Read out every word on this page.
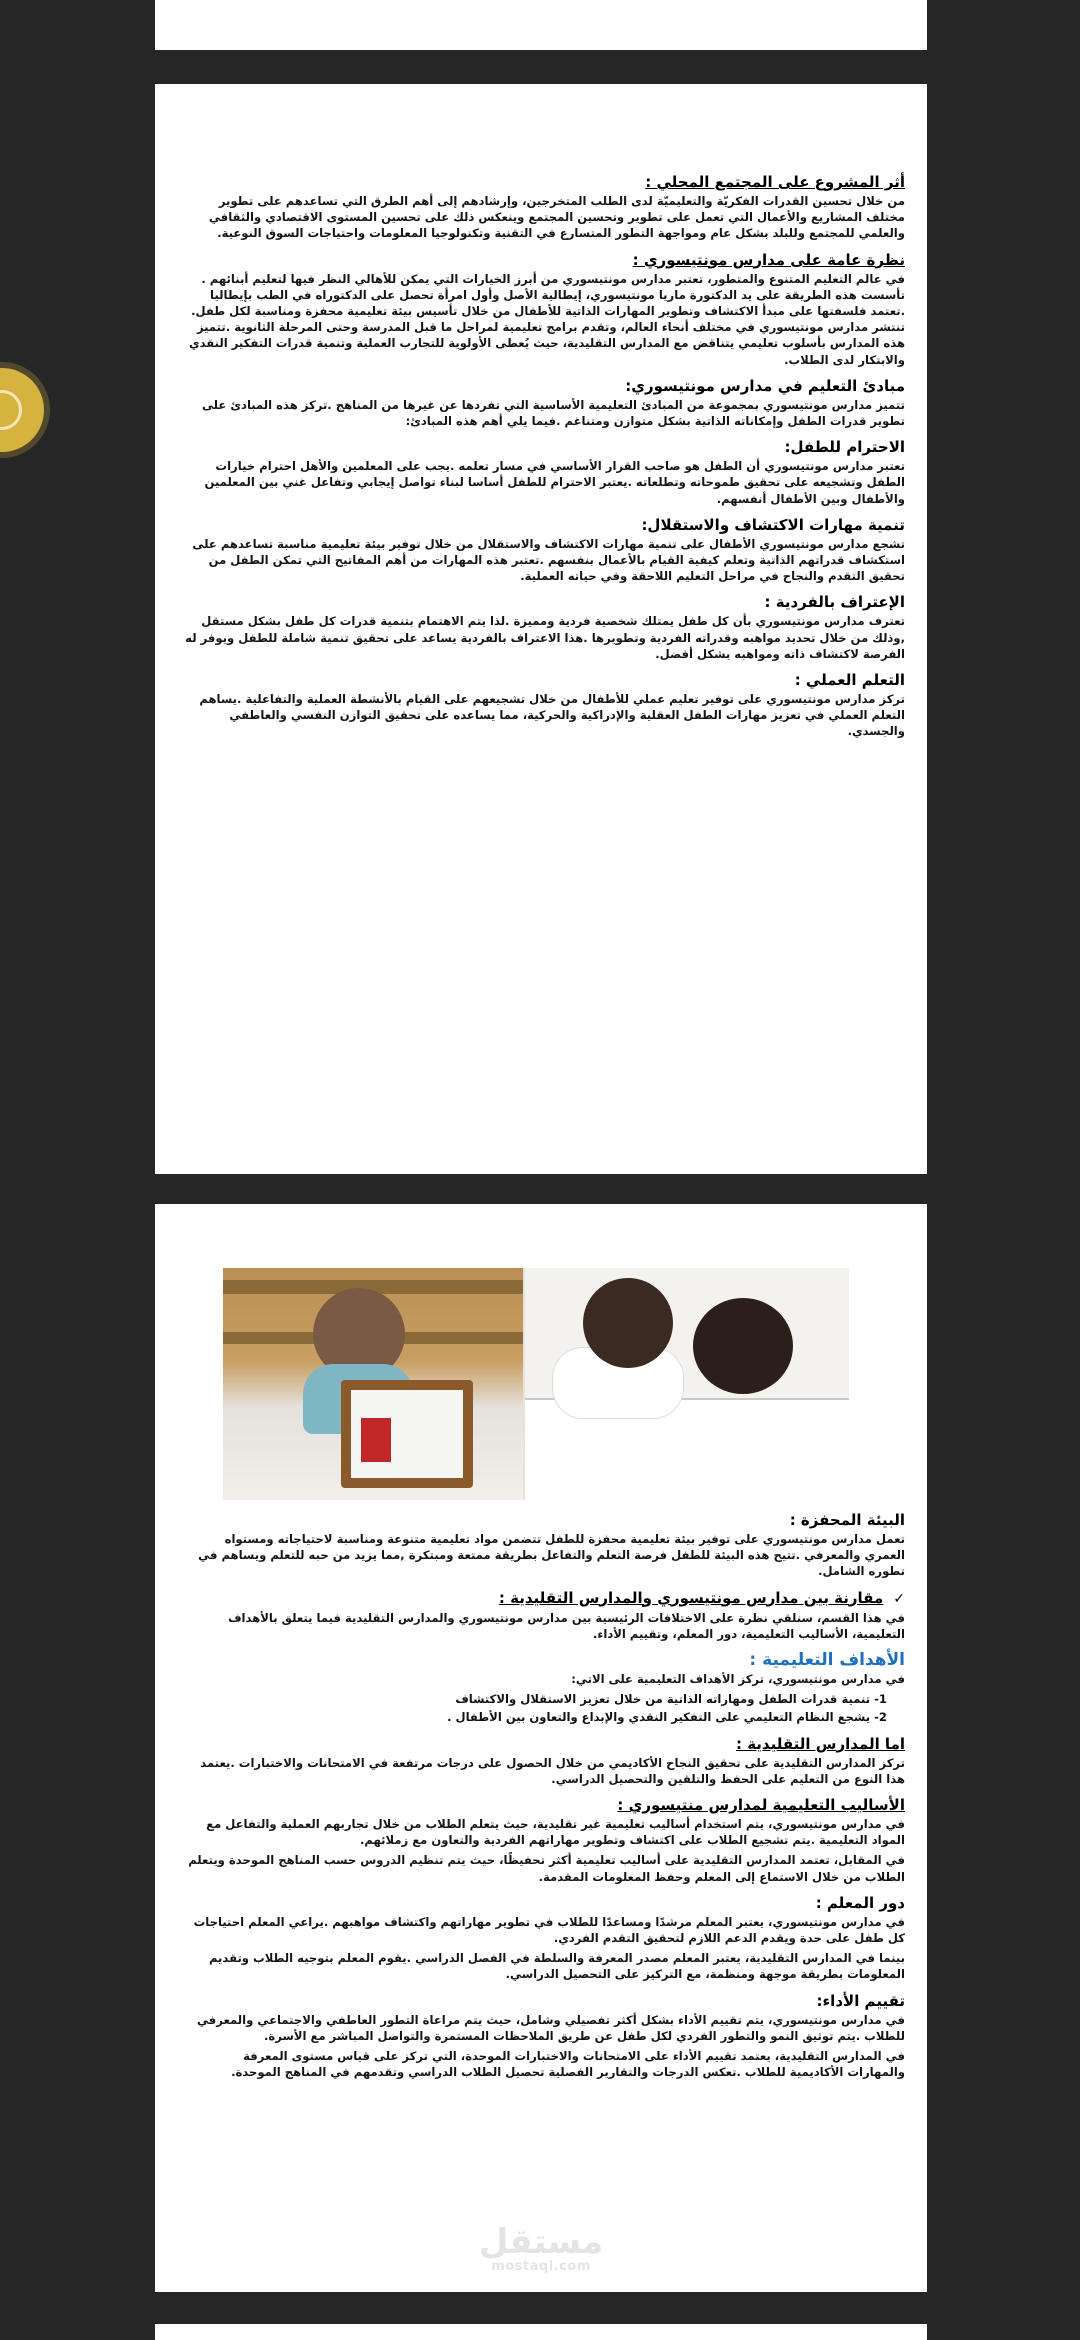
أثر المشروع على المجتمع المحلي :
من خلال تحسين القدرات الفكريّة والتعليميّة لدى الطلب المتخرجين، وإرشادهم إلى أهم الطرق التي تساعدهم على تطوير مختلف المشاريع والأعمال التي تعمل على تطوير وتحسين المجتمع وينعكس ذلك على تحسين المستوى الاقتصادي والثقافي والعلمي للمجتمع وللبلد بشكل عام ومواجهة التطور المتسارع في التقنية وتكنولوجيا المعلومات واحتياجات السوق النوعية.
نظرة عامة على مدارس مونتيسوري :
في عالم التعليم المتنوع والمتطور، تعتبر مدارس مونتيسوري من أبرز الخيارات التي يمكن للأهالي النظر فيها لتعليم أبنائهم . تأسست هذه الطريقة على يد الدكتورة ماريا مونتيسوري، إيطالية الأصل وأول امرأة تحصل على الدكتوراه في الطب بإيطاليا .تعتمد فلسفتها على مبدأ الاكتشاف وتطوير المهارات الذاتية للأطفال من خلال تأسيس بيئة تعليمية محفزة ومناسبة لكل طفل. تنتشر مدارس مونتيسوري في مختلف أنحاء العالم، وتقدم برامج تعليمية لمراحل ما قبل المدرسة وحتى المرحلة الثانوية .تتميز هذه المدارس بأسلوب تعليمي يتناقض مع المدارس التقليدية، حيث يُعطى الأولوية للتجارب العملية وتنمية قدرات التفكير النقدي والابتكار لدى الطلاب.
مبادئ التعليم في مدارس مونتيسوري:
تتميز مدارس مونتيسوري بمجموعة من المبادئ التعليمية الأساسية التي تفردها عن غيرها من المناهج .تركز هذه المبادئ على تطوير قدرات الطفل وإمكاناته الذاتية بشكل متوازن ومتناغم .فيما يلي أهم هذه المبادئ:
الاحترام للطفل:
تعتبر مدارس مونتيسوري أن الطفل هو صاحب القرار الأساسي في مسار تعلمه .يجب على المعلمين والأهل احترام خيارات الطفل وتشجيعه على تحقيق طموحاته وتطلعاته .يعتبر الاحترام للطفل أساسا لبناء تواصل إيجابي وتفاعل غني بين المعلمين والأطفال وبين الأطفال أنفسهم.
تنمية مهارات الاكتشاف والاستقلال:
تشجع مدارس مونتيسوري الأطفال على تنمية مهارات الاكتشاف والاستقلال من خلال توفير بيئة تعليمية مناسبة تساعدهم على استكشاف قدراتهم الذاتية وتعلم كيفية القيام بالأعمال بنفسهم .تعتبر هذه المهارات من أهم المفاتيح التي تمكن الطفل من تحقيق التقدم والنجاح في مراحل التعليم اللاحقة وفي حياته العملية.
الإعتراف بالفردية :
تعترف مدارس مونتيسوري بأن كل طفل يمتلك شخصية فردية ومميزة .لذا يتم الاهتمام بتنمية قدرات كل طفل بشكل مستقل ,وذلك من خلال تحديد مواهبه وقدراته الفردية وتطويرها .هذا الاعتراف بالفردية يساعد على تحقيق تنمية شاملة للطفل ويوفر له الفرصة لاكتشاف ذاته ومواهبه بشكل أفضل.
التعلم العملي :
تركز مدارس مونتيسوري على توفير تعليم عملي للأطفال من خلال تشجيعهم على القيام بالأنشطة العملية والتفاعلية .يساهم التعلم العملي في تعزيز مهارات الطفل العقلية والإدراكية والحركية، مما يساعده على تحقيق التوازن النفسي والعاطفي والجسدي.
البيئة المحفزة :
تعمل مدارس مونتيسوري على توفير بيئة تعليمية محفزة للطفل تتضمن مواد تعليمية متنوعة ومناسبة لاحتياجاته ومستواه العمري والمعرفي .تتيح هذه البيئة للطفل فرصة التعلم والتفاعل بطريقة ممتعة ومبتكرة ,مما يزيد من حبه للتعلم ويساهم في تطوره الشامل.
✓ مقارنة بين مدارس مونتيسوري والمدارس التقليدية :
في هذا القسم، سنلقي نظرة على الاختلافات الرئيسية بين مدارس مونتيسوري والمدارس التقليدية فيما يتعلق بالأهداف التعليمية، الأساليب التعليمية، دور المعلم، وتقييم الأداء.
الأهداف التعليمية :
في مدارس مونتيسوري، تركز الأهداف التعليمية على الاتي:
1- تنمية قدرات الطفل ومهاراته الذاتية من خلال تعزيز الاستقلال والاكتشاف
2- يشجع النظام التعليمي على التفكير النقدي والإبداع والتعاون بين الأطفال .
اما المدارس التقليدية :
تركز المدارس التقليدية على تحقيق النجاح الأكاديمي من خلال الحصول على درجات مرتفعة في الامتحانات والاختبارات .يعتمد هذا النوع من التعليم على الحفظ والتلقين والتحصيل الدراسي.
الأساليب التعليمية لمدارس منتيسوري :
في مدارس مونتيسوري، يتم استخدام أساليب تعليمية غير تقليدية، حيث يتعلم الطلاب من خلال تجاربهم العملية والتفاعل مع المواد التعليمية .يتم تشجيع الطلاب على اكتشاف وتطوير مهاراتهم الفردية والتعاون مع زملائهم.
في المقابل، تعتمد المدارس التقليدية على أساليب تعليمية أكثر تحفيظًا، حيث يتم تنظيم الدروس حسب المناهج الموحدة ويتعلم الطلاب من خلال الاستماع إلى المعلم وحفظ المعلومات المقدمة.
دور المعلم :
في مدارس مونتيسوري، يعتبر المعلم مرشدًا ومساعدًا للطلاب في تطوير مهاراتهم واكتشاف مواهبهم .يراعي المعلم احتياجات كل طفل على حدة ويقدم الدعم اللازم لتحقيق التقدم الفردي.
بينما في المدارس التقليدية، يعتبر المعلم مصدر المعرفة والسلطة في الفصل الدراسي .يقوم المعلم بتوجيه الطلاب وتقديم المعلومات بطريقة موجهة ومنظمة، مع التركيز على التحصيل الدراسي.
تقييم الأداء:
في مدارس مونتيسوري، يتم تقييم الأداء بشكل أكثر تفصيلي وشامل، حيث يتم مراعاة التطور العاطفي والاجتماعي والمعرفي للطلاب .يتم توثيق النمو والتطور الفردي لكل طفل عن طريق الملاحظات المستمرة والتواصل المباشر مع الأسرة.
في المدارس التقليدية، يعتمد تقييم الأداء على الامتحانات والاختبارات الموحدة، التي تركز على قياس مستوى المعرفة والمهارات الأكاديمية للطلاب .تعكس الدرجات والتقارير الفصلية تحصيل الطلاب الدراسي وتقدمهم في المناهج الموحدة.
مستقل
mostaql.com
